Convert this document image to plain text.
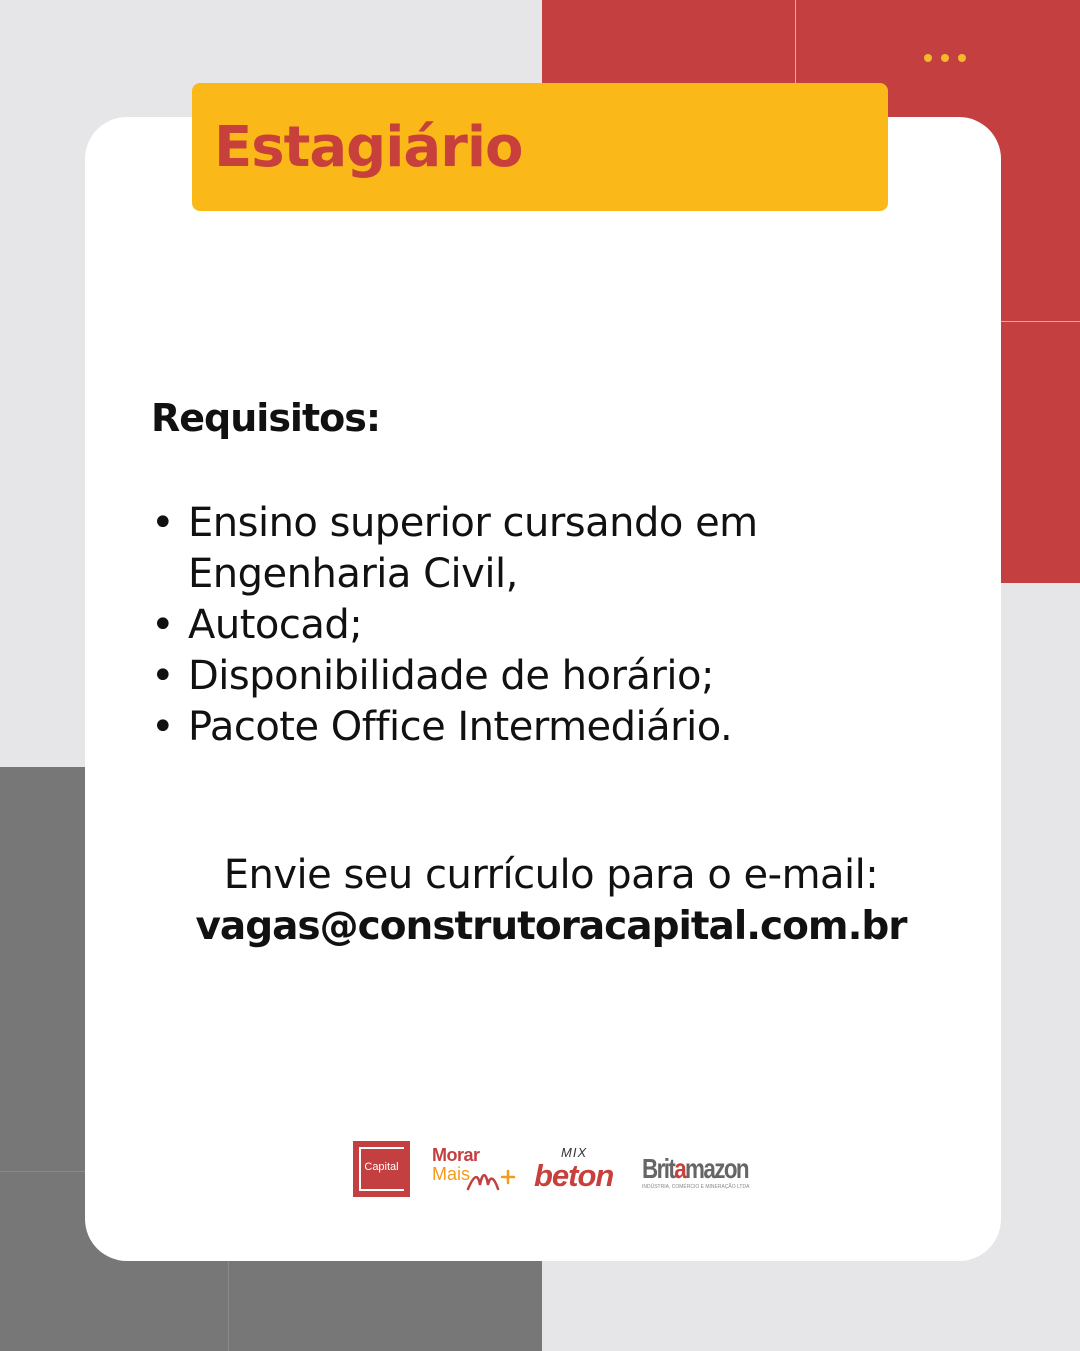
Estagiário
Requisitos:
• Ensino superior cursando em Engenharia Civil,
• Autocad;
• Disponibilidade de horário;
• Pacote Office Intermediário.
Envie seu currículo para o e-mail:
vagas@construtoracapital.com.br
Capital
Morar
Mais
MIX
beton Britamazon
INDÚSTRIA, COMÉRCIO E MINERAÇÃO LTDA
